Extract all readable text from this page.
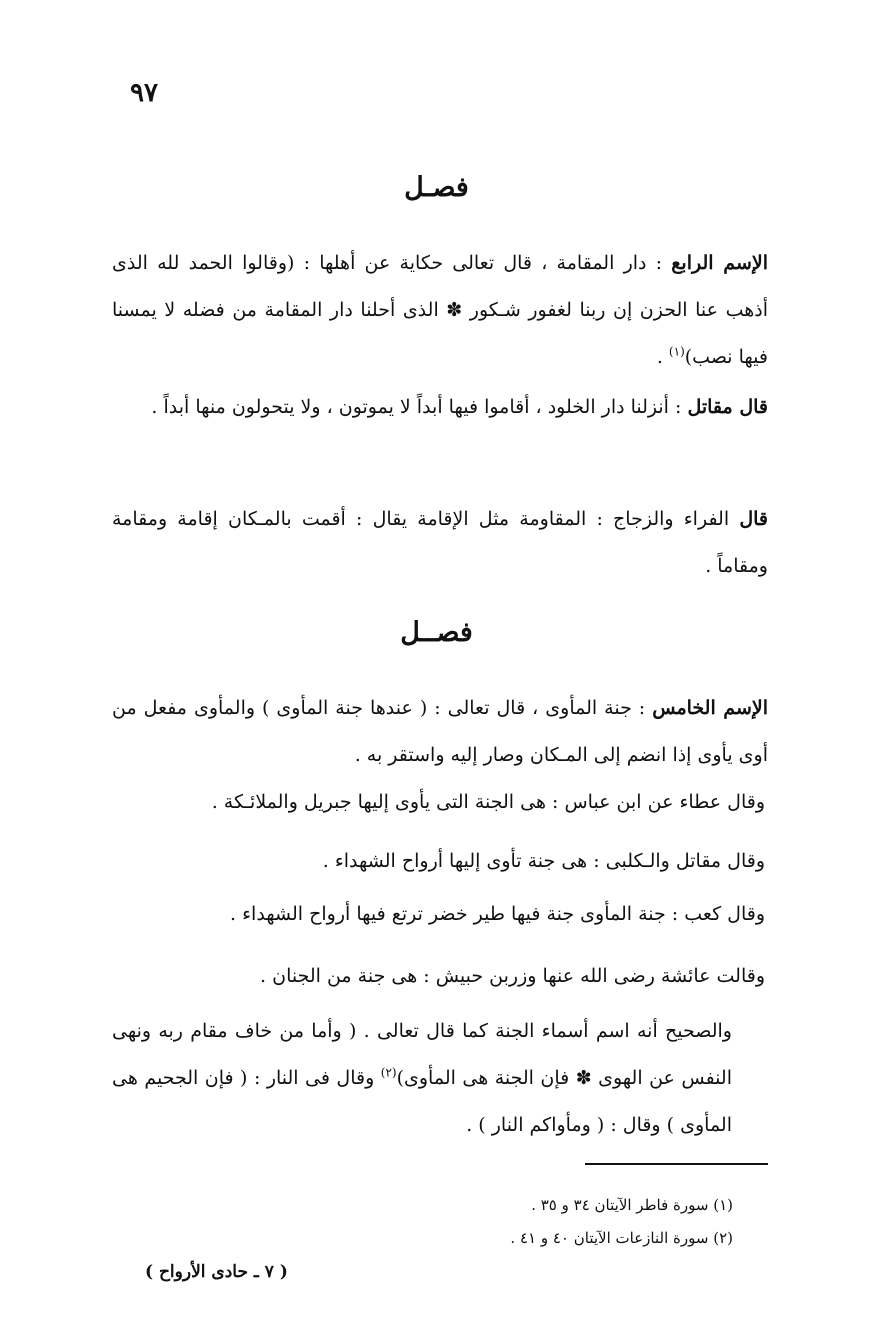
٩٧
فصـل
الإسم الرابع : دار المقامة ، قال تعالى حكاية عن أهلها : (وقالوا الحمد لله الذى أذهب عنا الحزن إن ربنا لغفور شـكور ✽ الذى أحلنا دار المقامة من فضله لا يمسنا فيها نصب)$^{(١)}$ .
قال مقاتل : أنزلنا دار الخلود ، أقاموا فيها أبداً لا يموتون ، ولا يتحولون منها أبداً .
قال الفراء والزجاج : المقاومة مثل الإقامة يقال : أقمت بالمـكان إقامة ومقامة ومقاماً .
فصــل
الإسم الخامس : جنة المأوى ، قال تعالى : ( عندها جنة المأوى ) والمأوى مفعل من أوى يأوى إذا انضم إلى المـكان وصار إليه واستقر به .
وقال عطاء عن ابن عباس : هى الجنة التى يأوى إليها جبريل والملائـكة .
وقال مقاتل والـكلبى : هى جنة تأوى إليها أرواح الشهداء .
وقال كعب : جنة المأوى جنة فيها طير خضر ترتع فيها أرواح الشهداء .
وقالت عائشة رضى الله عنها وزربن حبيش : هى جنة من الجنان .
والصحيح أنه اسم أسماء الجنة كما قال تعالى . ( وأما من خاف مقام ربه ونهى النفس عن الهوى ✽ فإن الجنة هى المأوى)$^{(٢)}$ وقال فى النار : ( فإن الجحيم هى المأوى ) وقال : ( ومأواكم النار ) .
(١) سورة فاطر الآيتان ٣٤ و ٣٥ .
(٢) سورة النازعات الآيتان ٤٠ و ٤١ .
( ٧ ـ حادى الأرواح )
